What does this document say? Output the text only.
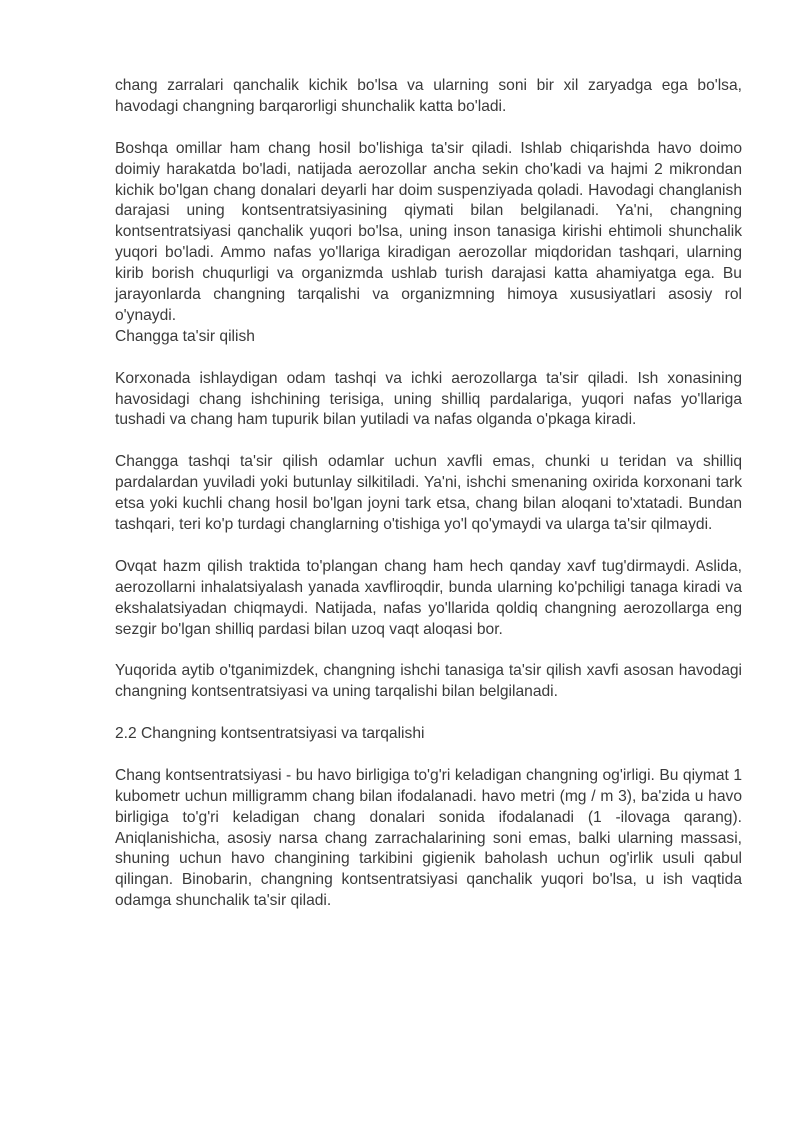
chang zarralari qanchalik kichik bo'lsa va ularning soni bir xil zaryadga ega bo'lsa, havodagi changning barqarorligi shunchalik katta bo'ladi.

Boshqa omillar ham chang hosil bo'lishiga ta'sir qiladi. Ishlab chiqarishda havo doimo doimiy harakatda bo'ladi, natijada aerozollar ancha sekin cho'kadi va hajmi 2 mikrondan kichik bo'lgan chang donalari deyarli har doim suspenziyada qoladi. Havodagi changlanish darajasi uning kontsentratsiyasining qiymati bilan belgilanadi. Ya'ni, changning kontsentratsiyasi qanchalik yuqori bo'lsa, uning inson tanasiga kirishi ehtimoli shunchalik yuqori bo'ladi. Ammo nafas yo'llariga kiradigan aerozollar miqdoridan tashqari, ularning kirib borish chuqurligi va organizmda ushlab turish darajasi katta ahamiyatga ega. Bu jarayonlarda changning tarqalishi va organizmning himoya xususiyatlari asosiy rol o'ynaydi.

Changga ta'sir qilish

Korxonada ishlaydigan odam tashqi va ichki aerozollarga ta'sir qiladi. Ish xonasining havosidagi chang ishchining terisiga, uning shilliq pardalariga, yuqori nafas yo'llariga tushadi va chang ham tupurik bilan yutiladi va nafas olganda o'pkaga kiradi.

Changga tashqi ta'sir qilish odamlar uchun xavfli emas, chunki u teridan va shilliq pardalardan yuviladi yoki butunlay silkitiladi. Ya'ni, ishchi smenaning oxirida korxonani tark etsa yoki kuchli chang hosil bo'lgan joyni tark etsa, chang bilan aloqani to'xtatadi. Bundan tashqari, teri ko'p turdagi changlarning o'tishiga yo'l qo'ymaydi va ularga ta'sir qilmaydi.

Ovqat hazm qilish traktida to'plangan chang ham hech qanday xavf tug'dirmaydi. Aslida, aerozollarni inhalatsiyalash yanada xavfliroqdir, bunda ularning ko'pchiligi tanaga kiradi va ekshalatsiyadan chiqmaydi. Natijada, nafas yo'llarida qoldiq changning aerozollarga eng sezgir bo'lgan shilliq pardasi bilan uzoq vaqt aloqasi bor.

Yuqorida aytib o'tganimizdek, changning ishchi tanasiga ta'sir qilish xavfi asosan havodagi changning kontsentratsiyasi va uning tarqalishi bilan belgilanadi.

2.2 Changning kontsentratsiyasi va tarqalishi

Chang kontsentratsiyasi - bu havo birligiga to'g'ri keladigan changning og'irligi. Bu qiymat 1 kubometr uchun milligramm chang bilan ifodalanadi. havo metri (mg / m 3), ba'zida u havo birligiga to'g'ri keladigan chang donalari sonida ifodalanadi (1 -ilovaga qarang). Aniqlanishicha, asosiy narsa chang zarrachalarining soni emas, balki ularning massasi, shuning uchun havo changining tarkibini gigienik baholash uchun og'irlik usuli qabul qilingan. Binobarin, changning kontsentratsiyasi qanchalik yuqori bo'lsa, u ish vaqtida odamga shunchalik ta'sir qiladi.
